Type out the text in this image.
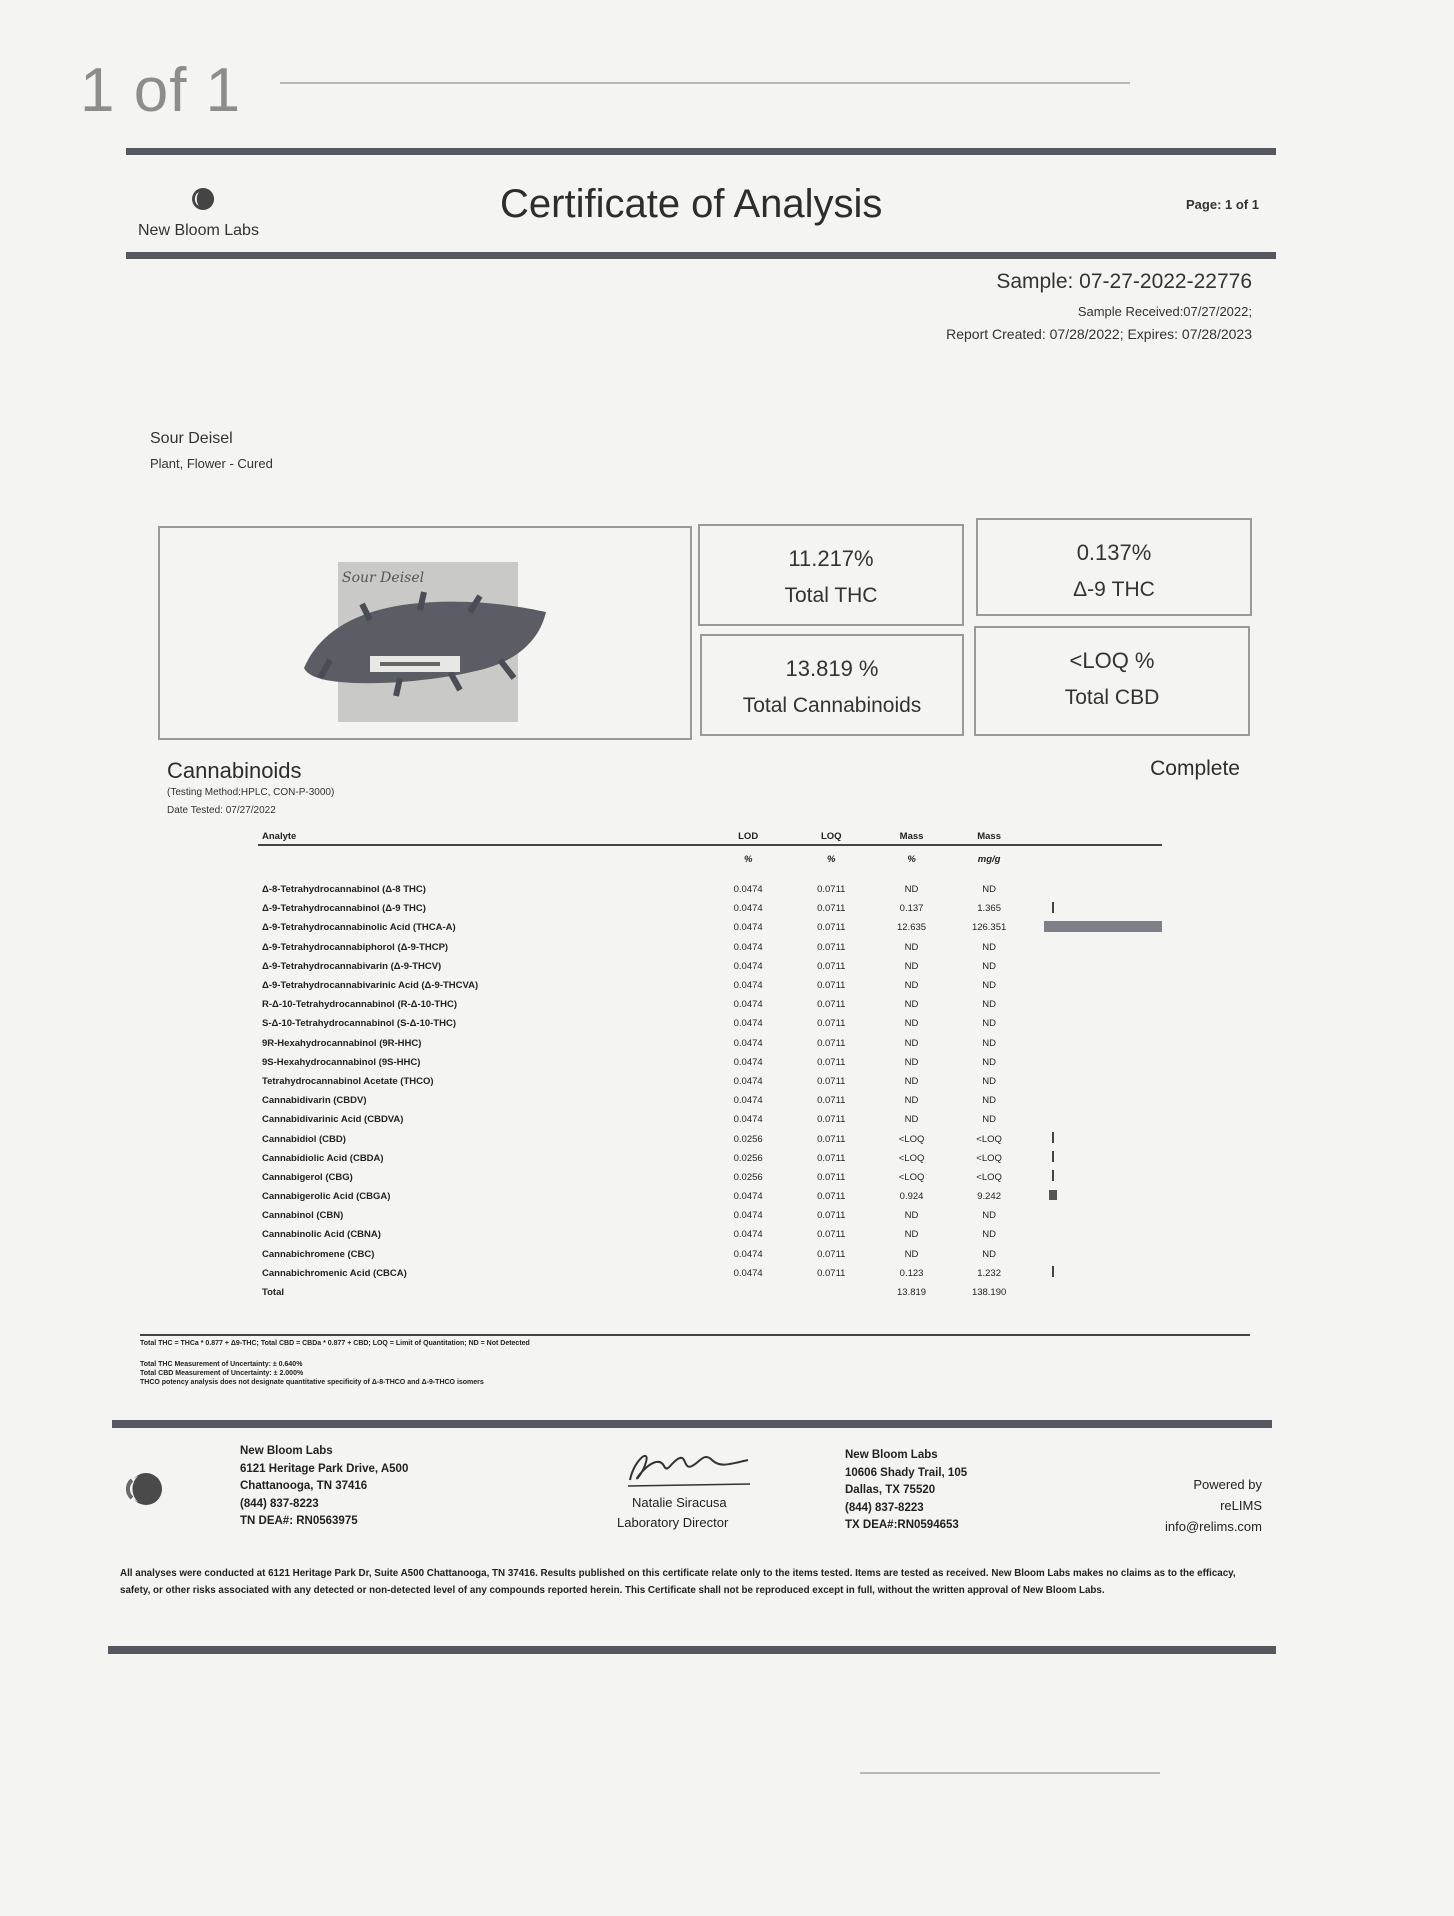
1 of 1
New Bloom Labs
Certificate of Analysis	Page: 1 of 1
Sample: 07-27-2022-22776
Sample Received:07/27/2022;
Report Created: 07/28/2022; Expires: 07/28/2023
Sour Deisel
Plant, Flower - Cured
Sour Deisel
11.217%
Total THC
0.137%
Δ-9 THC
13.819 %
Total Cannabinoids
<LOQ %
Total CBD
Cannabinoids	Complete
(Testing Method:HPLC, CON-P-3000)
Date Tested: 07/27/2022
Analyte	LOD	LOQ	Mass	Mass	
	%	%	%	mg/g	

Δ-8-Tetrahydrocannabinol (Δ-8 THC)	0.0474	0.0711	ND	ND	
Δ-9-Tetrahydrocannabinol (Δ-9 THC)	0.0474	0.0711	0.137	1.365	
Δ-9-Tetrahydrocannabinolic Acid (THCA-A)	0.0474	0.0711	12.635	126.351	
Δ-9-Tetrahydrocannabiphorol (Δ-9-THCP)	0.0474	0.0711	ND	ND	
Δ-9-Tetrahydrocannabivarin (Δ-9-THCV)	0.0474	0.0711	ND	ND	
Δ-9-Tetrahydrocannabivarinic Acid (Δ-9-THCVA)	0.0474	0.0711	ND	ND	
R-Δ-10-Tetrahydrocannabinol (R-Δ-10-THC)	0.0474	0.0711	ND	ND	
S-Δ-10-Tetrahydrocannabinol (S-Δ-10-THC)	0.0474	0.0711	ND	ND	
9R-Hexahydrocannabinol (9R-HHC)	0.0474	0.0711	ND	ND	
9S-Hexahydrocannabinol (9S-HHC)	0.0474	0.0711	ND	ND	
Tetrahydrocannabinol Acetate (THCO)	0.0474	0.0711	ND	ND	
Cannabidivarin (CBDV)	0.0474	0.0711	ND	ND	
Cannabidivarinic Acid (CBDVA)	0.0474	0.0711	ND	ND	
Cannabidiol (CBD)	0.0256	0.0711	<LOQ	<LOQ	
Cannabidiolic Acid (CBDA)	0.0256	0.0711	<LOQ	<LOQ	
Cannabigerol (CBG)	0.0256	0.0711	<LOQ	<LOQ	
Cannabigerolic Acid (CBGA)	0.0474	0.0711	0.924	9.242	
Cannabinol (CBN)	0.0474	0.0711	ND	ND	
Cannabinolic Acid (CBNA)	0.0474	0.0711	ND	ND	
Cannabichromene (CBC)	0.0474	0.0711	ND	ND	
Cannabichromenic Acid (CBCA)	0.0474	0.0711	0.123	1.232	
Total			13.819	138.190	
Total THC = THCa * 0.877 + Δ9-THC; Total CBD = CBDa * 0.877 + CBD; LOQ = Limit of Quantitation; ND = Not Detected
Total THC Measurement of Uncertainty: ± 0.640%
Total CBD Measurement of Uncertainty: ± 2.000%
THCO potency analysis does not designate quantitative specificity of Δ-8-THCO and Δ-9-THCO isomers
New Bloom Labs
6121 Heritage Park Drive, A500
Chattanooga, TN 37416
(844) 837-8223
TN DEA#: RN0563975
Natalie Siracusa
Laboratory Director
New Bloom Labs
10606 Shady Trail, 105
Dallas, TX 75520
(844) 837-8223
TX DEA#:RN0594653
Powered by
reLIMS
info@relims.com
All analyses were conducted at 6121 Heritage Park Dr, Suite A500 Chattanooga, TN 37416. Results published on this certificate relate only to the items tested. Items are tested as received. New Bloom Labs makes no claims as to the efficacy, safety, or other risks associated with any detected or non-detected level of any compounds reported herein. This Certificate shall not be reproduced except in full, without the written approval of New Bloom Labs.
